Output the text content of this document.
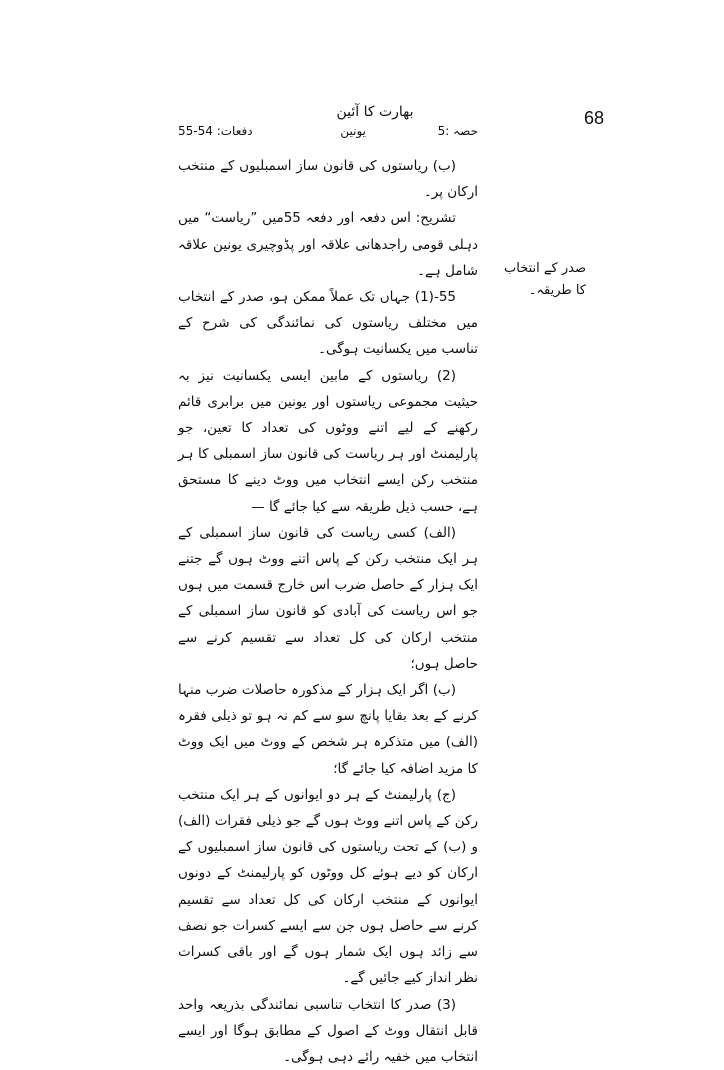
68
بھارت کا آئین
حصہ :5
یونین
دفعات: 54-55
صدر کے انتخاب کا طریقہ۔

(ب) ریاستوں کی قانون ساز اسمبلیوں کے منتخب ارکان پر۔

تشریح: اس دفعہ اور دفعہ 55میں ”ریاست“ میں دہلی قومی راجدھانی علاقہ اور پڈوچیری یونین علاقہ شامل ہے۔

55-(1) جہاں تک عملاً ممکن ہو، صدر کے انتخاب میں مختلف ریاستوں کی نمائندگی کی شرح کے تناسب میں یکسانیت ہوگی۔

(2) ریاستوں کے مابین ایسی یکسانیت نیز بہ حیثیت مجموعی ریاستوں اور یونین میں برابری قائم رکھنے کے لیے اتنے ووٹوں کی تعداد کا تعین، جو پارلیمنٹ اور ہر ریاست کی قانون ساز اسمبلی کا ہر منتخب رکن ایسے انتخاب میں ووٹ دینے کا مستحق ہے، حسب ذیل طریقہ سے کیا جائے گا —

(الف) کسی ریاست کی قانون ساز اسمبلی کے ہر ایک منتخب رکن کے پاس اتنے ووٹ ہوں گے جتنے ایک ہزار کے حاصل ضرب اس خارج قسمت میں ہوں جو اس ریاست کی آبادی کو قانون ساز اسمبلی کے منتخب ارکان کی کل تعداد سے تقسیم کرنے سے حاصل ہوں؛

(ب) اگر ایک ہزار کے مذکورہ حاصلات ضرب منہا کرنے کے بعد بقایا پانچ سو سے کم نہ ہو تو ذیلی فقرہ (الف) میں متذکرہ ہر شخص کے ووٹ میں ایک ووٹ کا مزید اضافہ کیا جائے گا؛

(ج) پارلیمنٹ کے ہر دو ایوانوں کے ہر ایک منتخب رکن کے پاس اتنے ووٹ ہوں گے جو ذیلی فقرات (الف) و (ب) کے تحت ریاستوں کی قانون ساز اسمبلیوں کے ارکان کو دیے ہوئے کل ووٹوں کو پارلیمنٹ کے دونوں ایوانوں کے منتخب ارکان کی کل تعداد سے تقسیم کرنے سے حاصل ہوں جن سے ایسے کسرات جو نصف سے زائد ہوں ایک شمار ہوں گے اور باقی کسرات نظر انداز کیے جائیں گے۔

(3) صدر کا انتخاب تناسبی نمائندگی بذریعہ واحد قابل انتقال ووٹ کے اصول کے مطابق ہوگا اور ایسے انتخاب میں خفیہ رائے دہی ہوگی۔
